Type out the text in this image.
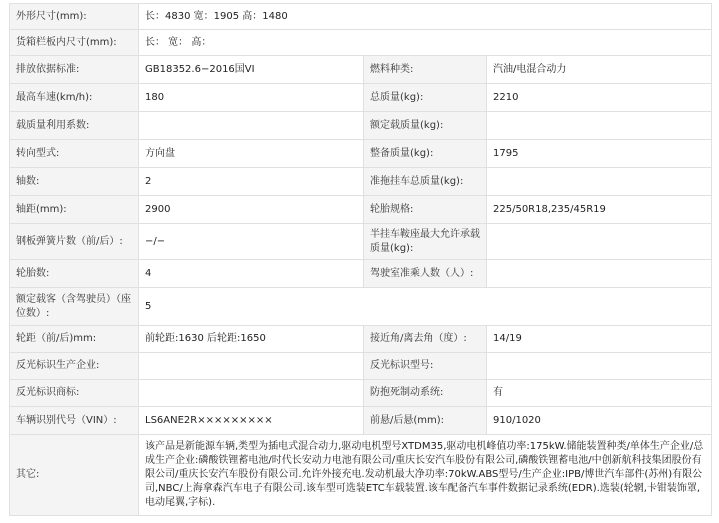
外形尺寸(mm):	长：4830 宽：1905 高：1480		
货箱栏板内尺寸(mm):	长： 宽： 高：		
排放依据标准:	GB18352.6−2016国VI	燃料种类:	汽油/电混合动力
最高车速(km/h):	180	总质量(kg):	2210
载质量利用系数:		额定载质量(kg):	
转向型式:	方向盘	整备质量(kg):	1795
轴数:	2	准拖挂车总质量(kg):	
轴距(mm):	2900	轮胎规格:	225/50R18,235/45R19
钢板弹簧片数（前/后）:	−/−	半挂车鞍座最大允许承载质量(kg):	
轮胎数:	4	驾驶室准乘人数（人）:	
额定载客（含驾驶员）（座位数）:	5		
轮距（前/后)mm:	前轮距:1630 后轮距:1650	接近角/离去角（度）:	14/19
反光标识生产企业:		反光标识型号:	
反光标识商标:		防抱死制动系统:	有
车辆识别代号（VIN）:	LS6ANE2R×××××××××	前悬/后悬(mm):	910/1020
其它:	该产品是新能源车辆,类型为插电式混合动力,驱动电机型号XTDM35,驱动电机峰值功率:175kW.储能装置种类/单体生产企业/总成生产企业:磷酸铁锂蓄电池/时代长安动力电池有限公司/重庆长安汽车股份有限公司,磷酸铁锂蓄电池/中创新航科技集团股份有限公司/重庆长安汽车股份有限公司.允许外接充电.发动机最大净功率:70kW.ABS型号/生产企业:IPB/博世汽车部件(苏州)有限公司,NBC/上海拿森汽车电子有限公司.该车型可选装ETC车载装置.该车配备汽车事件数据记录系统(EDR).选装(轮辋,卡钳装饰罩,电动尾翼,字标).		
